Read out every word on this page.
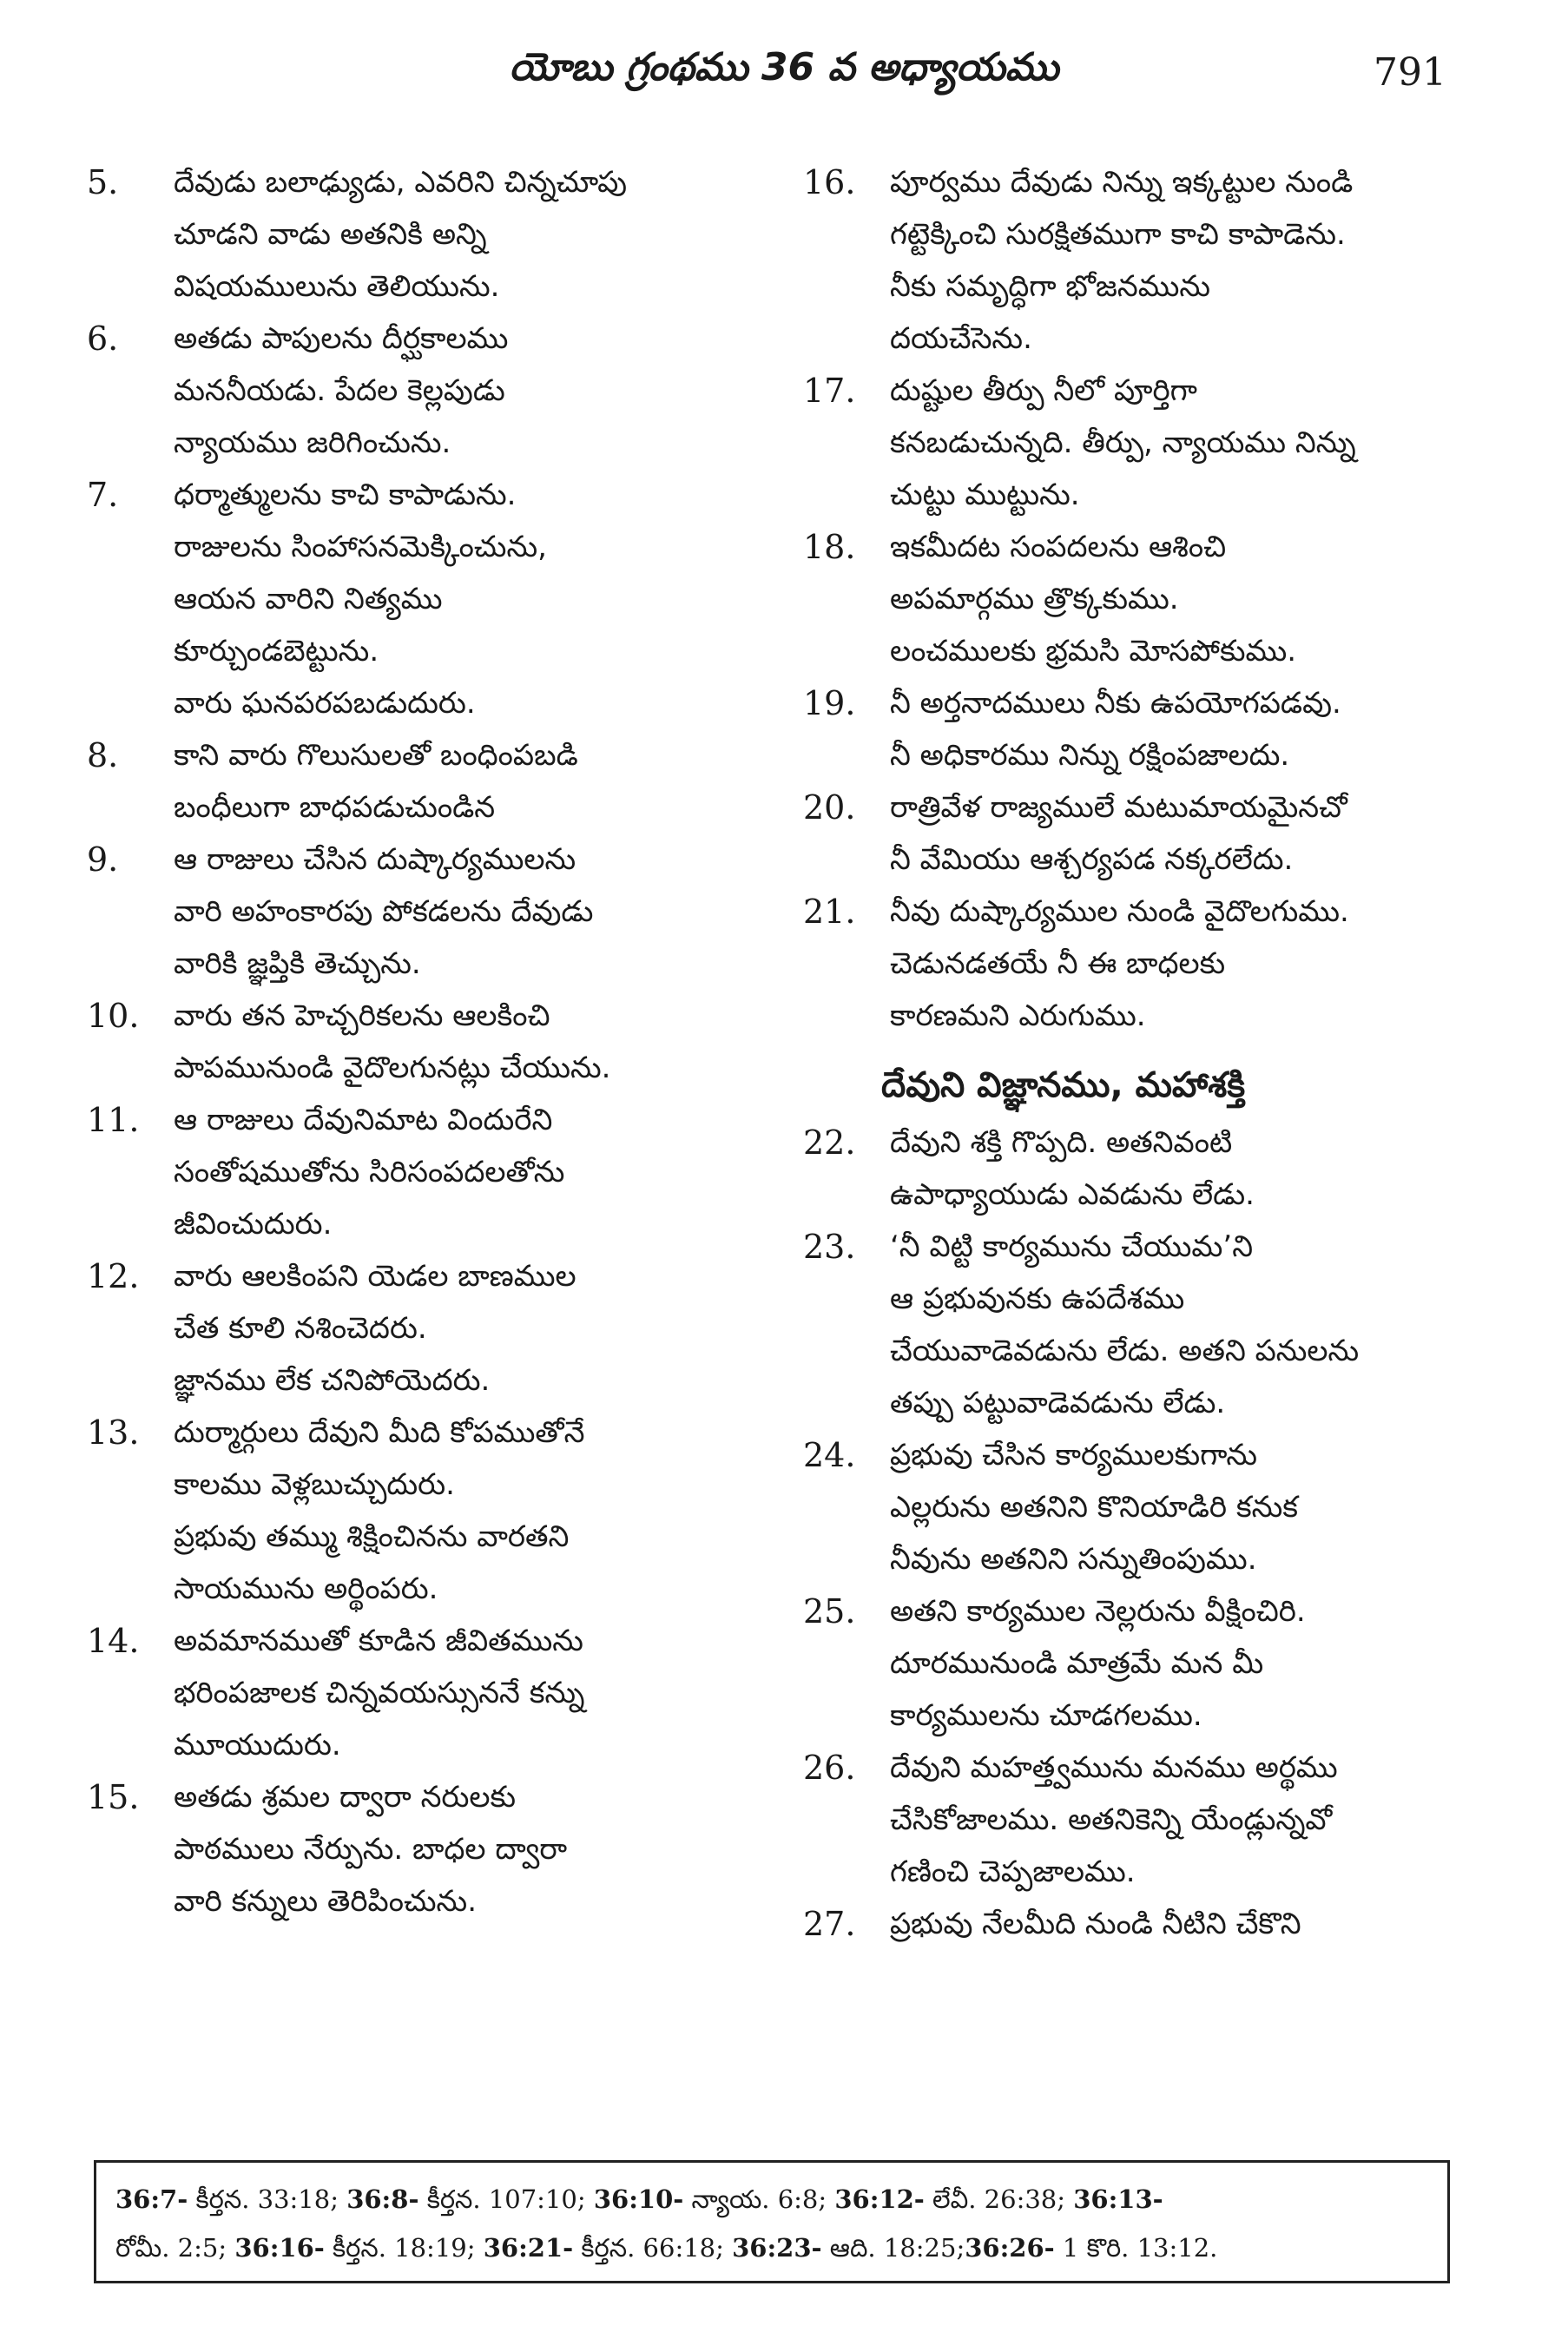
యోబు గ్రంథము 36 వ అధ్యాయము	791
5.	దేవుడు బలాఢ్యుడు, ఎవరిని చిన్నచూపు
చూడని వాడు అతనికి అన్ని
విషయములును తెలియును.
6.	అతడు పాపులను దీర్ఘకాలము
మననీయడు. పేదల కెల్లపుడు
న్యాయము జరిగించును.
7.	ధర్మాత్ములను కాచి కాపాడును.
రాజులను సింహాసనమెక్కించును,
ఆయన వారిని నిత్యము
కూర్చుండబెట్టును.
వారు ఘనపరపబడుదురు.
8.	కాని వారు గొలుసులతో బంధింపబడి
బంధీలుగా బాధపడుచుండిన
9.	ఆ రాజులు చేసిన దుష్కార్యములను
వారి అహంకారపు పోకడలను దేవుడు
వారికి జ్ఞప్తికి తెచ్చును.
10.	వారు తన హెచ్చరికలను ఆలకించి
పాపమునుండి వైదొలగునట్లు చేయును.
11.	ఆ రాజులు దేవునిమాట విందురేని
సంతోషముతోను సిరిసంపదలతోను
జీవించుదురు.
12.	వారు ఆలకింపని యెడల బాణముల
చేత కూలి నశించెదరు.
జ్ఞానము లేక చనిపోయెదరు.
13.	దుర్మార్గులు దేవుని మీది కోపముతోనే
కాలము వెళ్లబుచ్చుదురు.
ప్రభువు తమ్ము శిక్షించినను వారతని
సాయమును అర్థింపరు.
14.	అవమానముతో కూడిన జీవితమును
భరింపజాలక చిన్నవయస్సుననే కన్ను
మూయుదురు.
15.	అతడు శ్రమల ద్వారా నరులకు
పాఠములు నేర్పును. బాధల ద్వారా
వారి కన్నులు తెరిపించును.
16.	పూర్వము దేవుడు నిన్ను ఇక్కట్టుల నుండి
గట్టెక్కించి సురక్షితముగా కాచి కాపాడెను.
నీకు సమృద్ధిగా భోజనమును
దయచేసెను.
17.	దుష్టుల తీర్పు నీలో పూర్తిగా
కనబడుచున్నది. తీర్పు, న్యాయము నిన్ను
చుట్టు ముట్టును.
18.	ఇకమీదట సంపదలను ఆశించి
అపమార్గము త్రొక్కకుము.
లంచములకు భ్రమసి మోసపోకుము.
19.	నీ అర్తనాదములు నీకు ఉపయోగపడవు.
నీ అధికారము నిన్ను రక్షింపజాలదు.
20.	రాత్రివేళ రాజ్యములే మటుమాయమైనచో
నీ వేమియు ఆశ్చర్యపడ నక్కరలేదు.
21.	నీవు దుష్కార్యముల నుండి వైదొలగుము.
చెడునడతయే నీ ఈ బాధలకు
కారణమని ఎరుగుము.
దేవుని విజ్ఞానము, మహాశక్తి
22.	దేవుని శక్తి గొప్పది. అతనివంటి
ఉపాధ్యాయుడు ఎవడును లేడు.
23.	‘నీ విట్టి కార్యమును చేయుమ’ని
ఆ ప్రభువునకు ఉపదేశము
చేయువాడెవడును లేడు. అతని పనులను
తప్పు పట్టువాడెవడును లేడు.
24.	ప్రభువు చేసిన కార్యములకుగాను
ఎల్లరును అతనిని కొనియాడిరి కనుక
నీవును అతనిని సన్నుతింపుము.
25.	అతని కార్యముల నెల్లరును వీక్షించిరి.
దూరమునుండి మాత్రమే మన మీ
కార్యములను చూడగలము.
26.	దేవుని మహత్త్వమును మనము అర్థము
చేసికోజాలము. అతనికెన్ని యేండ్లున్నవో
గణించి చెప్పజాలము.
27.	ప్రభువు నేలమీది నుండి నీటిని చేకొని
36:7- కీర్తన. 33:18; 36:8- కీర్తన. 107:10; 36:10- న్యాయ. 6:8; 36:12- లేవీ. 26:38; 36:13-
రోమీ. 2:5; 36:16- కీర్తన. 18:19; 36:21- కీర్తన. 66:18; 36:23- ఆది. 18:25;36:26- 1 కొరి. 13:12.
